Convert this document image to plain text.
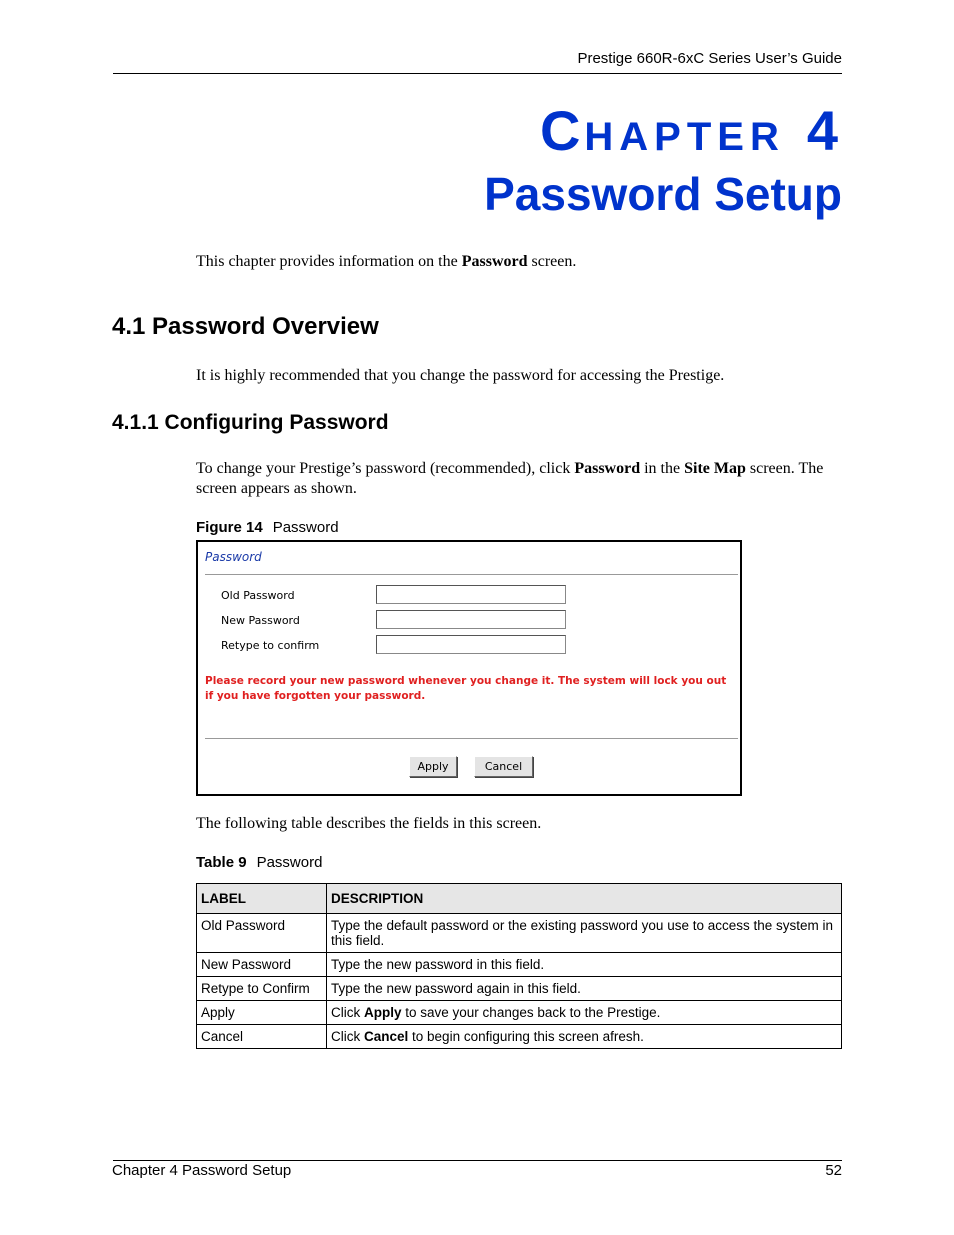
Prestige 660R-6xC Series User’s Guide
CHAPTER 4
Password Setup
This chapter provides information on the Password screen.
4.1 Password Overview
It is highly recommended that you change the password for accessing the Prestige.
4.1.1 Configuring Password
To change your Prestige’s password (recommended), click Password in the Site Map screen. The screen appears as shown.
Figure 14 Password
Password
Old Password
New Password
Retype to confirm
Please record your new password whenever you change it. The system will lock you out if you have forgotten your password.
Apply	Cancel
The following table describes the fields in this screen.
Table 9 Password
LABEL	DESCRIPTION
Old Password	Type the default password or the existing password you use to access the system in this field.
New Password	Type the new password in this field.
Retype to Confirm	Type the new password again in this field.
Apply	Click Apply to save your changes back to the Prestige.
Cancel	Click Cancel to begin configuring this screen afresh.
Chapter 4 Password Setup	52
